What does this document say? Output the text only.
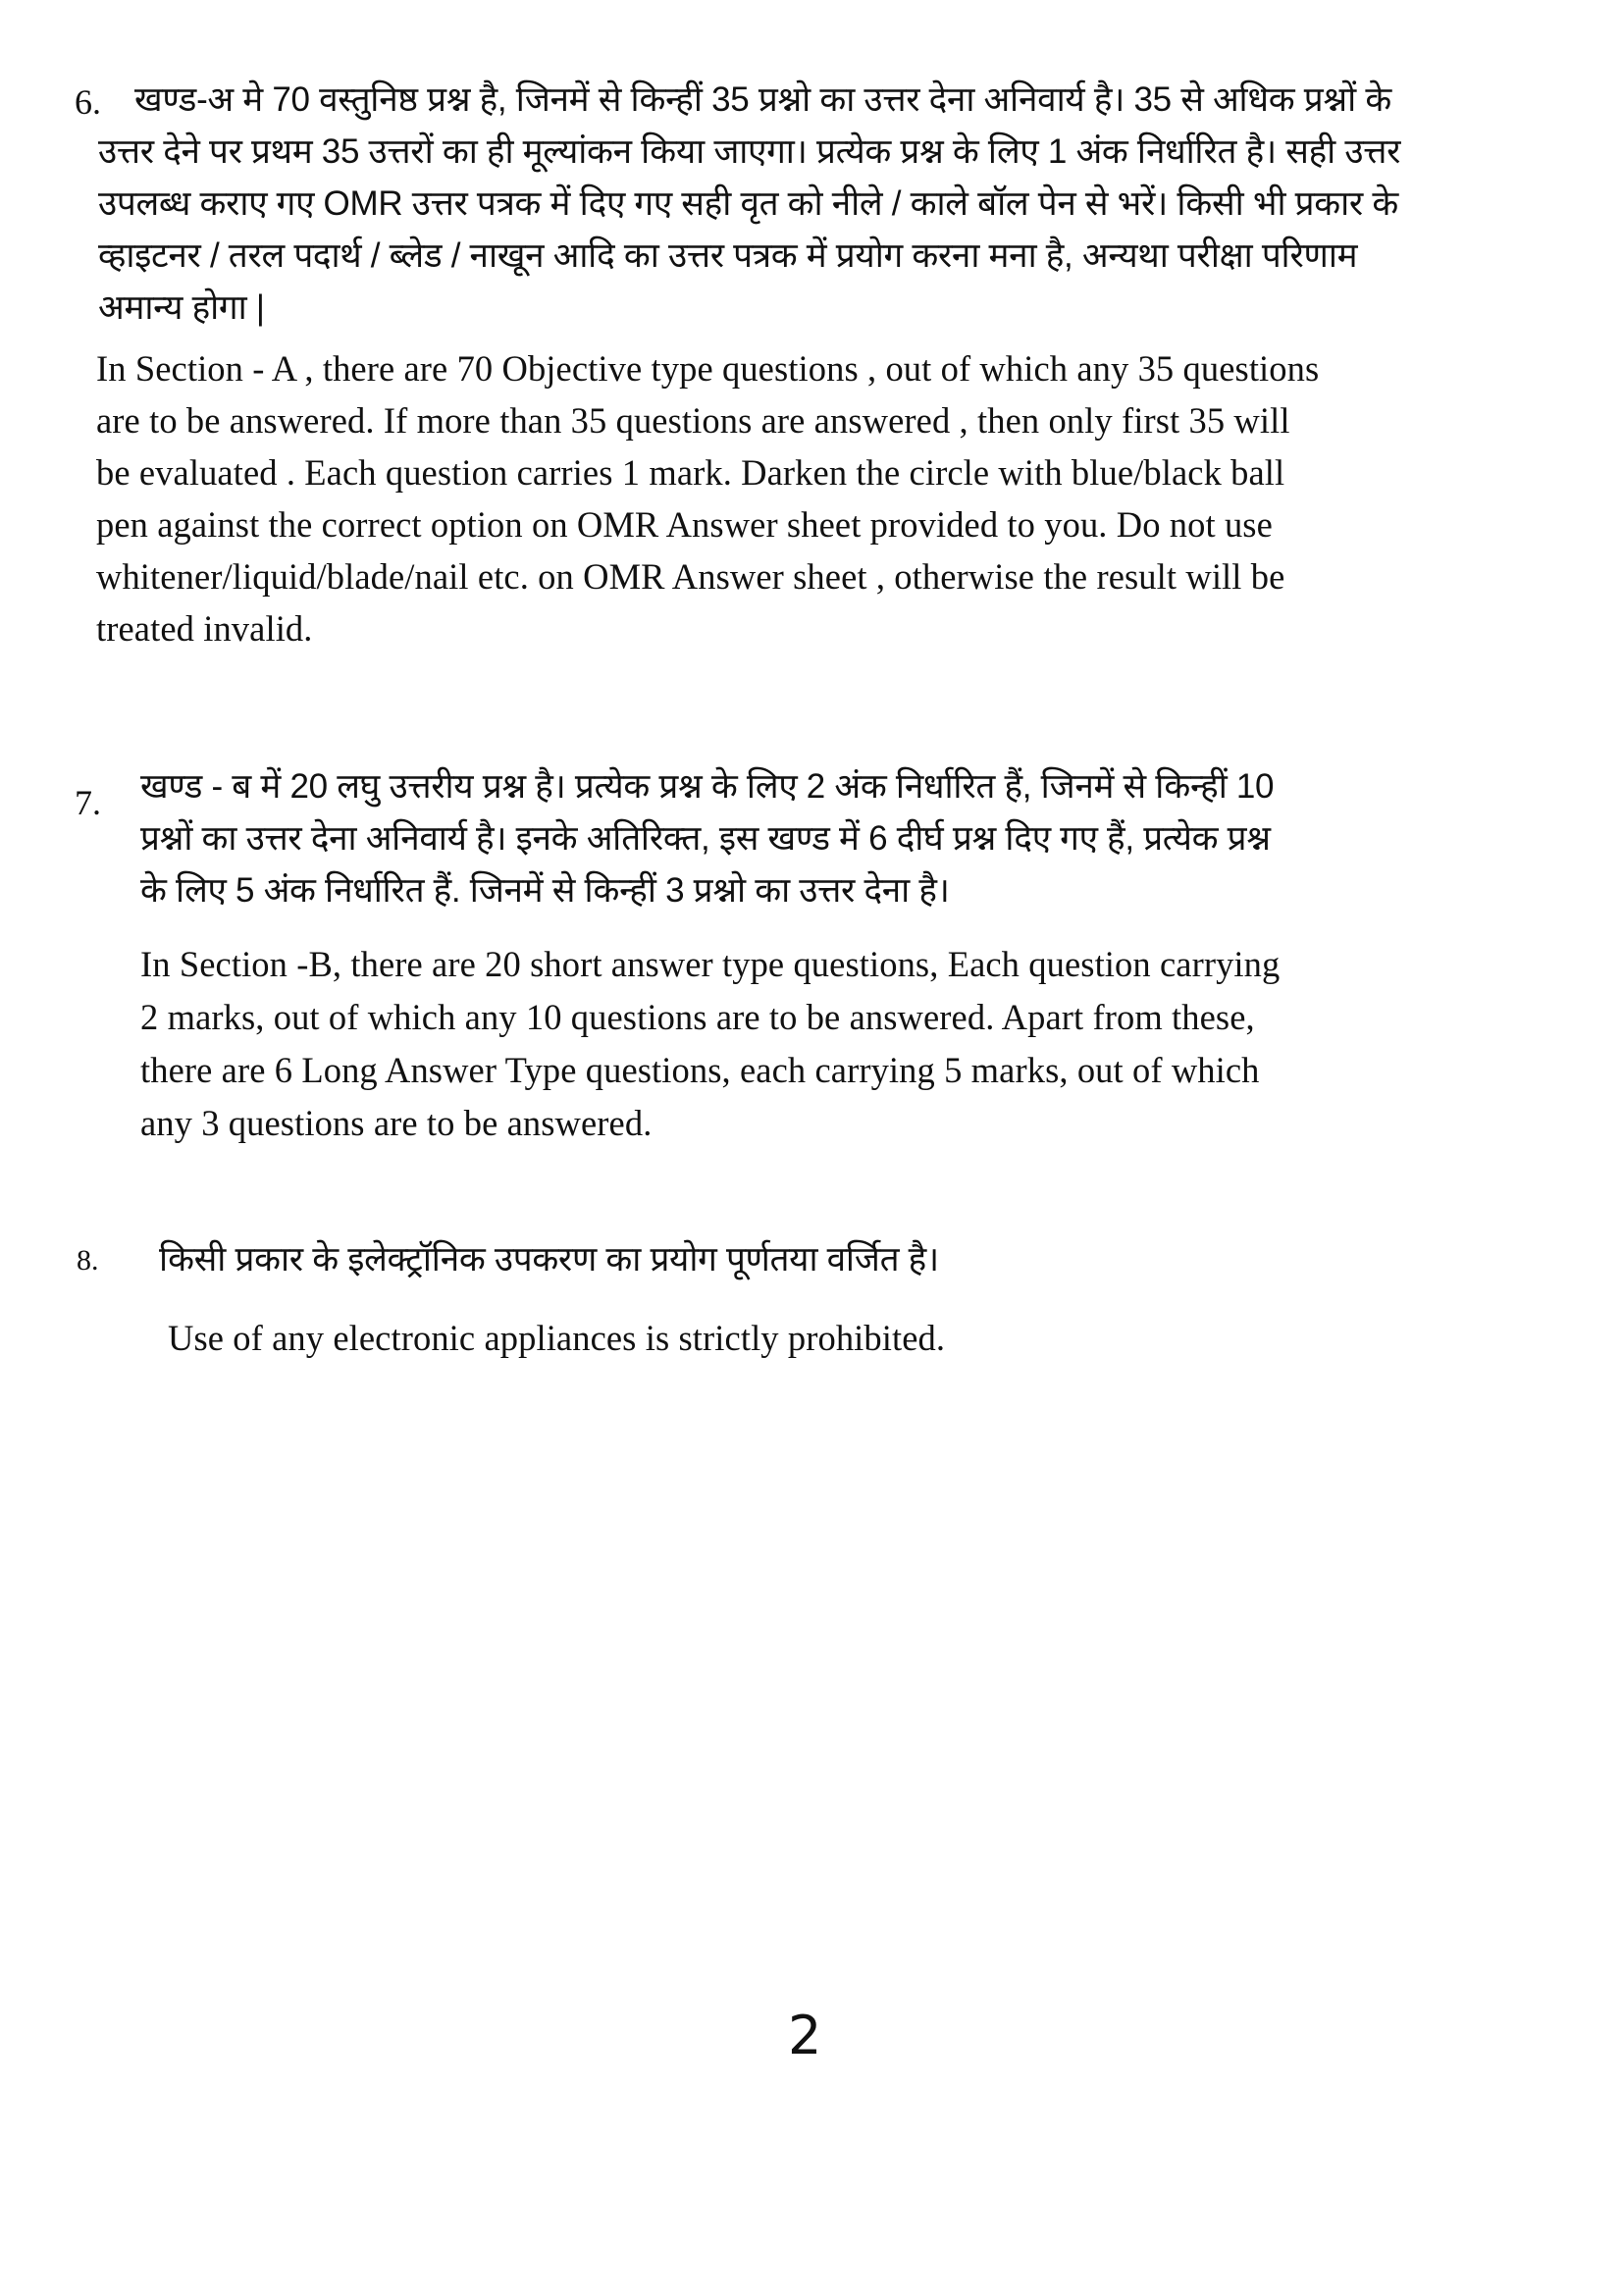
6. खण्ड-अ मे 70 वस्तुनिष्ठ प्रश्न है, जिनमें से किन्हीं 35 प्रश्नो का उत्तर देना अनिवार्य है। 35 से अधिक प्रश्नों के
उत्तर देने पर प्रथम 35 उत्तरों का ही मूल्यांकन किया जाएगा। प्रत्येक प्रश्न के लिए 1 अंक निर्धारित है। सही उत्तर
उपलब्ध कराए गए OMR उत्तर पत्रक में दिए गए सही वृत को नीले / काले बॉल पेन से भरें। किसी भी प्रकार के
व्हाइटनर / तरल पदार्थ / ब्लेड / नाखून आदि का उत्तर पत्रक में प्रयोग करना मना है, अन्यथा परीक्षा परिणाम
अमान्य होगा |
In Section - A , there are 70 Objective type questions , out of which any 35 questions
are to be answered. If more than 35 questions are answered , then only first 35 will
be evaluated . Each question carries 1 mark. Darken the circle with blue/black ball
pen against the correct option on OMR Answer sheet provided to you. Do not use
whitener/liquid/blade/nail etc. on OMR Answer sheet , otherwise the result will be
treated invalid.
7. खण्ड - ब में 20 लघु उत्तरीय प्रश्न है। प्रत्येक प्रश्न के लिए 2 अंक निर्धारित हैं, जिनमें से किन्हीं 10
प्रश्नों का उत्तर देना अनिवार्य है। इनके अतिरिक्त, इस खण्ड में 6 दीर्घ प्रश्न दिए गए हैं, प्रत्येक प्रश्न
के लिए 5 अंक निर्धारित हैं. जिनमें से किन्हीं 3 प्रश्नो का उत्तर देना है।
In Section -B, there are 20 short answer type questions, Each question carrying
2 marks, out of which any 10 questions are to be answered. Apart from these,
there are 6 Long Answer Type questions, each carrying 5 marks, out of which
any 3 questions are to be answered.
8. किसी प्रकार के इलेक्ट्रॉनिक उपकरण का प्रयोग पूर्णतया वर्जित है।
Use of any electronic appliances is strictly prohibited.
2
